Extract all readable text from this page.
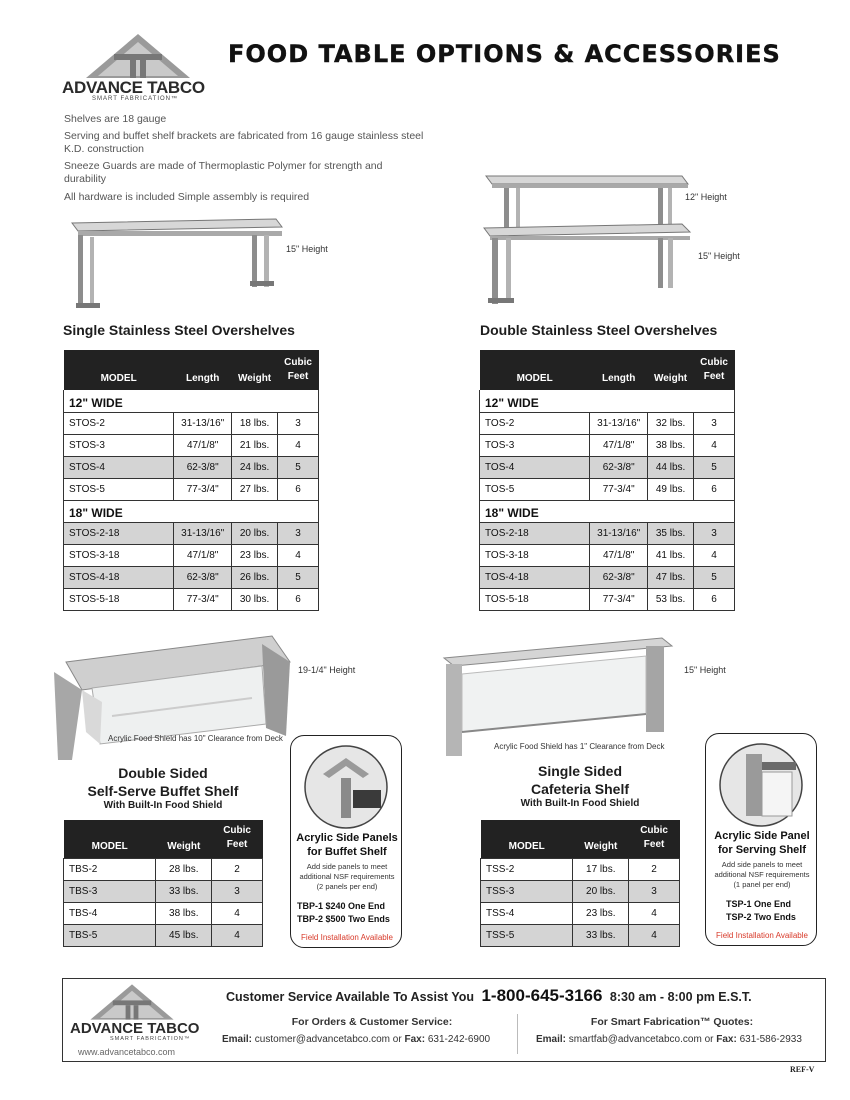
ADVANCE TABCO
SMART FABRICATION™
FOOD TABLE OPTIONS & ACCESSORIES
Shelves are 18 gauge
Serving and buffet shelf brackets are fabricated from 16 gauge stainless steel K.D. construction
Sneeze Guards are made of Thermoplastic Polymer for strength and durability
All hardware is included Simple assembly is required
15" Height
12" Height
15" Height
Single Stainless Steel Overshelves
MODEL	Length	Weight	Cubic Feet
12" WIDE			
STOS-2	31-13/16"	18 lbs.	3
STOS-3	47/1/8"	21 lbs.	4
STOS-4	62-3/8"	24 lbs.	5
STOS-5	77-3/4"	27 lbs.	6
18" WIDE			
STOS-2-18	31-13/16"	20 lbs.	3
STOS-3-18	47/1/8"	23 lbs.	4
STOS-4-18	62-3/8"	26 lbs.	5
STOS-5-18	77-3/4"	30 lbs.	6
Double Stainless Steel Overshelves
MODEL	Length	Weight	Cubic Feet
12" WIDE			
TOS-2	31-13/16"	32 lbs.	3
TOS-3	47/1/8"	38 lbs.	4
TOS-4	62-3/8"	44 lbs.	5
TOS-5	77-3/4"	49 lbs.	6
18" WIDE			
TOS-2-18	31-13/16"	35 lbs.	3
TOS-3-18	47/1/8"	41 lbs.	4
TOS-4-18	62-3/8"	47 lbs.	5
TOS-5-18	77-3/4"	53 lbs.	6
19-1/4" Height
Acrylic Food Shield has 10" Clearance from Deck
Double Sided
Self-Serve Buffet Shelf
With Built-In Food Shield
MODEL	Weight	Cubic Feet
TBS-2	28 lbs.	2
TBS-3	33 lbs.	3
TBS-4	38 lbs.	4
TBS-5	45 lbs.	4
Acrylic Side Panels for Buffet Shelf
Add side panels to meet additional NSF requirements (2 panels per end)
TBP-1 $240 One End
TBP-2 $500 Two Ends
Field Installation Available
15" Height
Acrylic Food Shield has 1" Clearance from Deck
Single Sided
Cafeteria Shelf
With Built-In Food Shield
MODEL	Weight	Cubic Feet
TSS-2	17 lbs.	2
TSS-3	20 lbs.	3
TSS-4	23 lbs.	4
TSS-5	33 lbs.	4
Acrylic Side Panel for Serving Shelf
Add side panels to meet additional NSF requirements (1 panel per end)
TSP-1 One End
TSP-2 Two Ends
Field Installation Available
ADVANCE TABCO
SMART FABRICATION™
www.advancetabco.com
Customer Service Available To Assist You 1-800-645-3166 8:30 am - 8:00 pm E.S.T.
For Orders & Customer Service:
Email: customer@advancetabco.com or Fax: 631-242-6900
For Smart Fabrication™ Quotes:
Email: smartfab@advancetabco.com or Fax: 631-586-2933
REF-V
